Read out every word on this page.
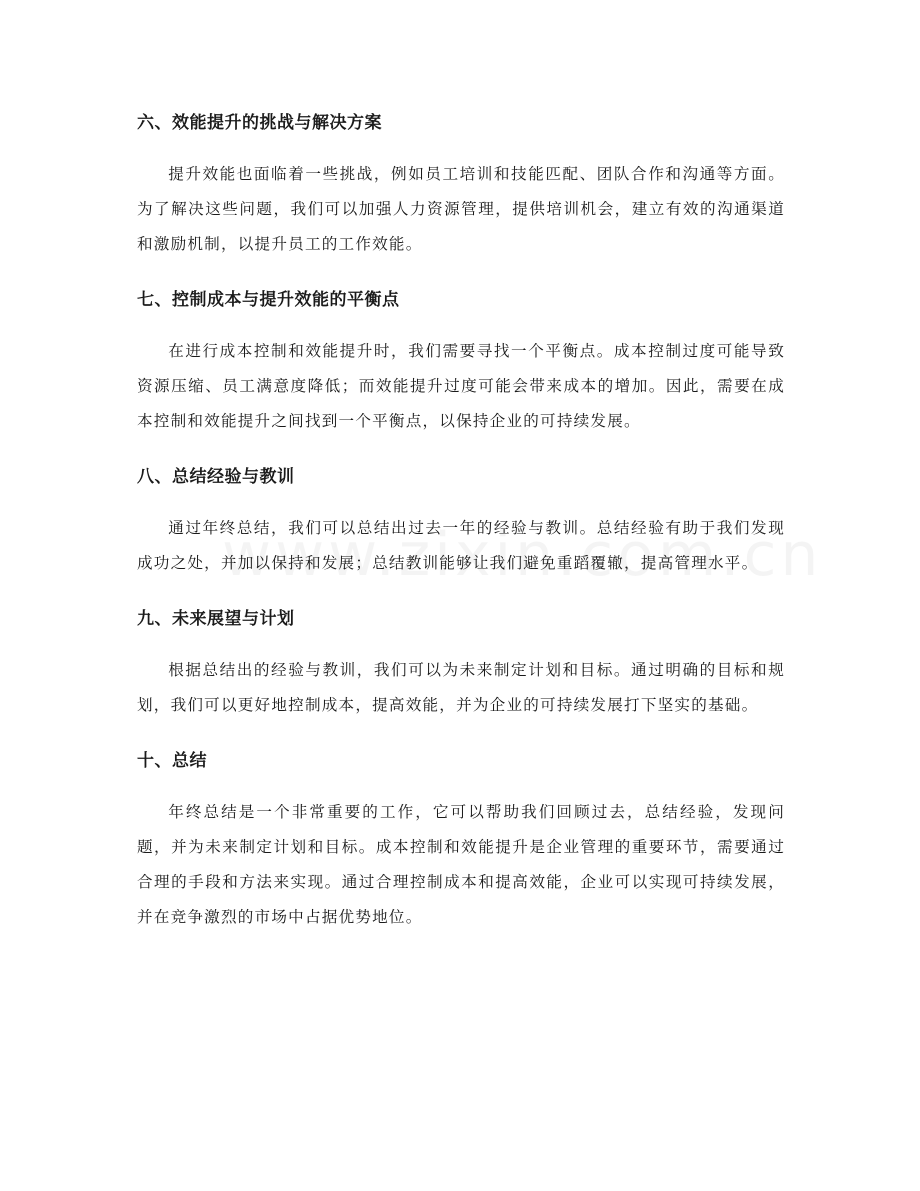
六、效能提升的挑战与解决方案

提升效能也面临着一些挑战，例如员工培训和技能匹配、团队合作和沟通等方面。为了解决这些问题，我们可以加强人力资源管理，提供培训机会，建立有效的沟通渠道和激励机制，以提升员工的工作效能。

七、控制成本与提升效能的平衡点

在进行成本控制和效能提升时，我们需要寻找一个平衡点。成本控制过度可能导致资源压缩、员工满意度降低；而效能提升过度可能会带来成本的增加。因此，需要在成本控制和效能提升之间找到一个平衡点，以保持企业的可持续发展。

八、总结经验与教训

通过年终总结，我们可以总结出过去一年的经验与教训。总结经验有助于我们发现成功之处，并加以保持和发展；总结教训能够让我们避免重蹈覆辙，提高管理水平。

九、未来展望与计划

根据总结出的经验与教训，我们可以为未来制定计划和目标。通过明确的目标和规划，我们可以更好地控制成本，提高效能，并为企业的可持续发展打下坚实的基础。

十、总结

年终总结是一个非常重要的工作，它可以帮助我们回顾过去，总结经验，发现问题，并为未来制定计划和目标。成本控制和效能提升是企业管理的重要环节，需要通过合理的手段和方法来实现。通过合理控制成本和提高效能，企业可以实现可持续发展，并在竞争激烈的市场中占据优势地位。
